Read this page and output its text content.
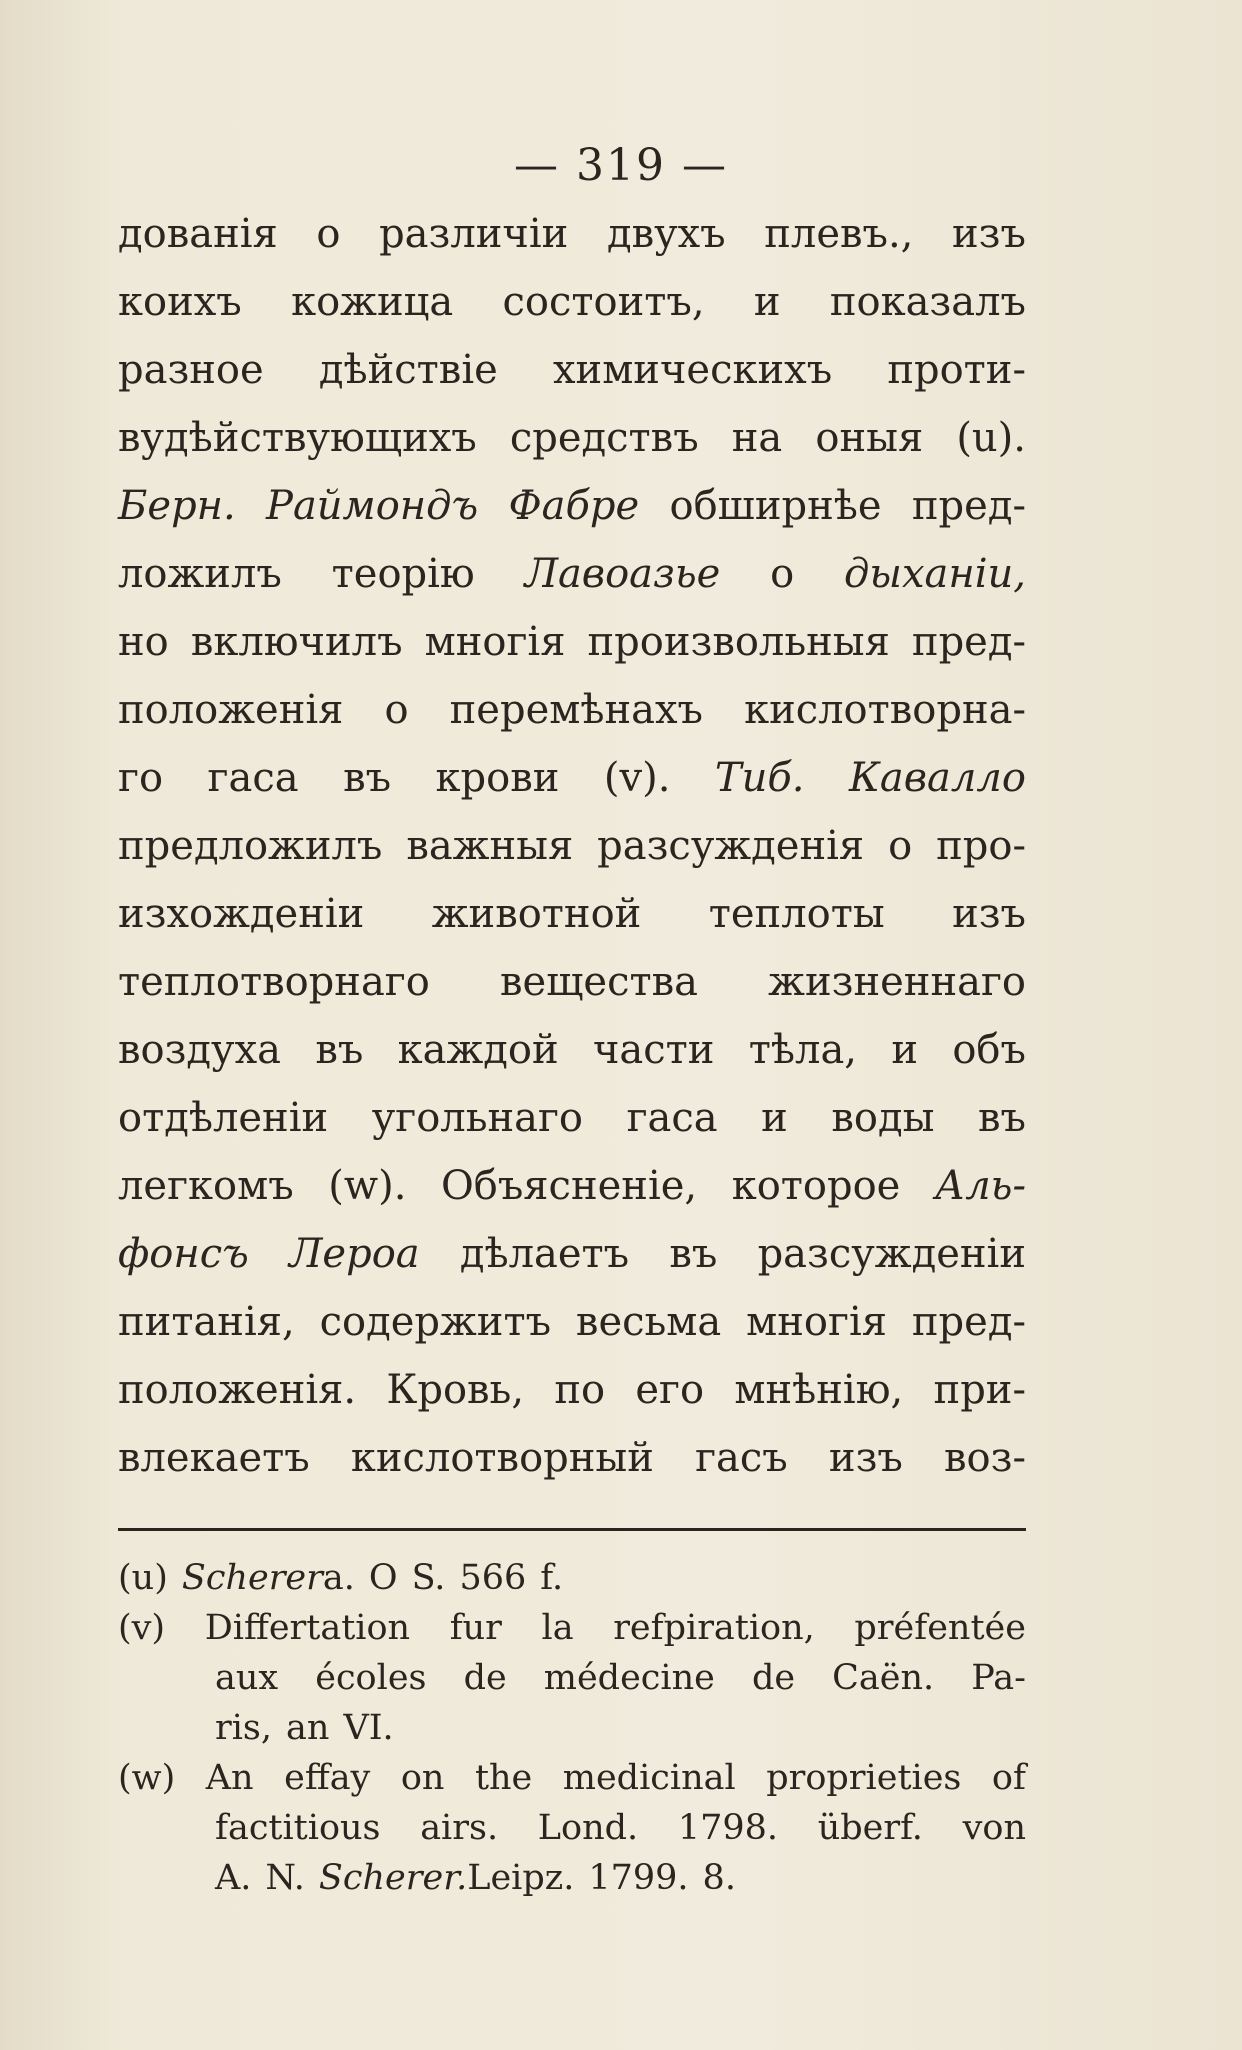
— 319 —
дованія о различіи двухъ плевъ., изъ
коихъ кожица состоитъ, и показалъ
разное дѣйствіе химическихъ проти-
вудѣйствующихъ средствъ на оныя (u).
Берн. Раймондъ Фабре обширнѣе пред-
ложилъ теорію Лавоазье о дыханіи,
но включилъ многія произвольныя пред-
положенія о перемѣнахъ кислотворна-
го гаса въ крови (v). Тиб. Кавалло
предложилъ важныя разсужденія о про-
изхожденіи животной теплоты изъ
теплотворнаго вещества жизненнаго
воздуха въ каждой части тѣла, и объ
отдѣленіи угольнаго гаса и воды въ
легкомъ (w). Объясненіе, которое Аль-
фонсъ Лероа дѣлаетъ въ разсужденіи
питанія, содержитъ весьма многія пред-
положенія. Кровь, по его мнѣнію, при-
влекаетъ кислотворный гасъ изъ воз-
(u) Scherer a. O S. 566 f.
(v) Differtation fur la refpiration, préfentée
aux écoles de médecine de Caën. Pa-
ris, an VI.
(w) An effay on the medicinal proprieties of
factitious airs. Lond. 1798. überf. von
A. N. Scherer. Leipz. 1799. 8.
